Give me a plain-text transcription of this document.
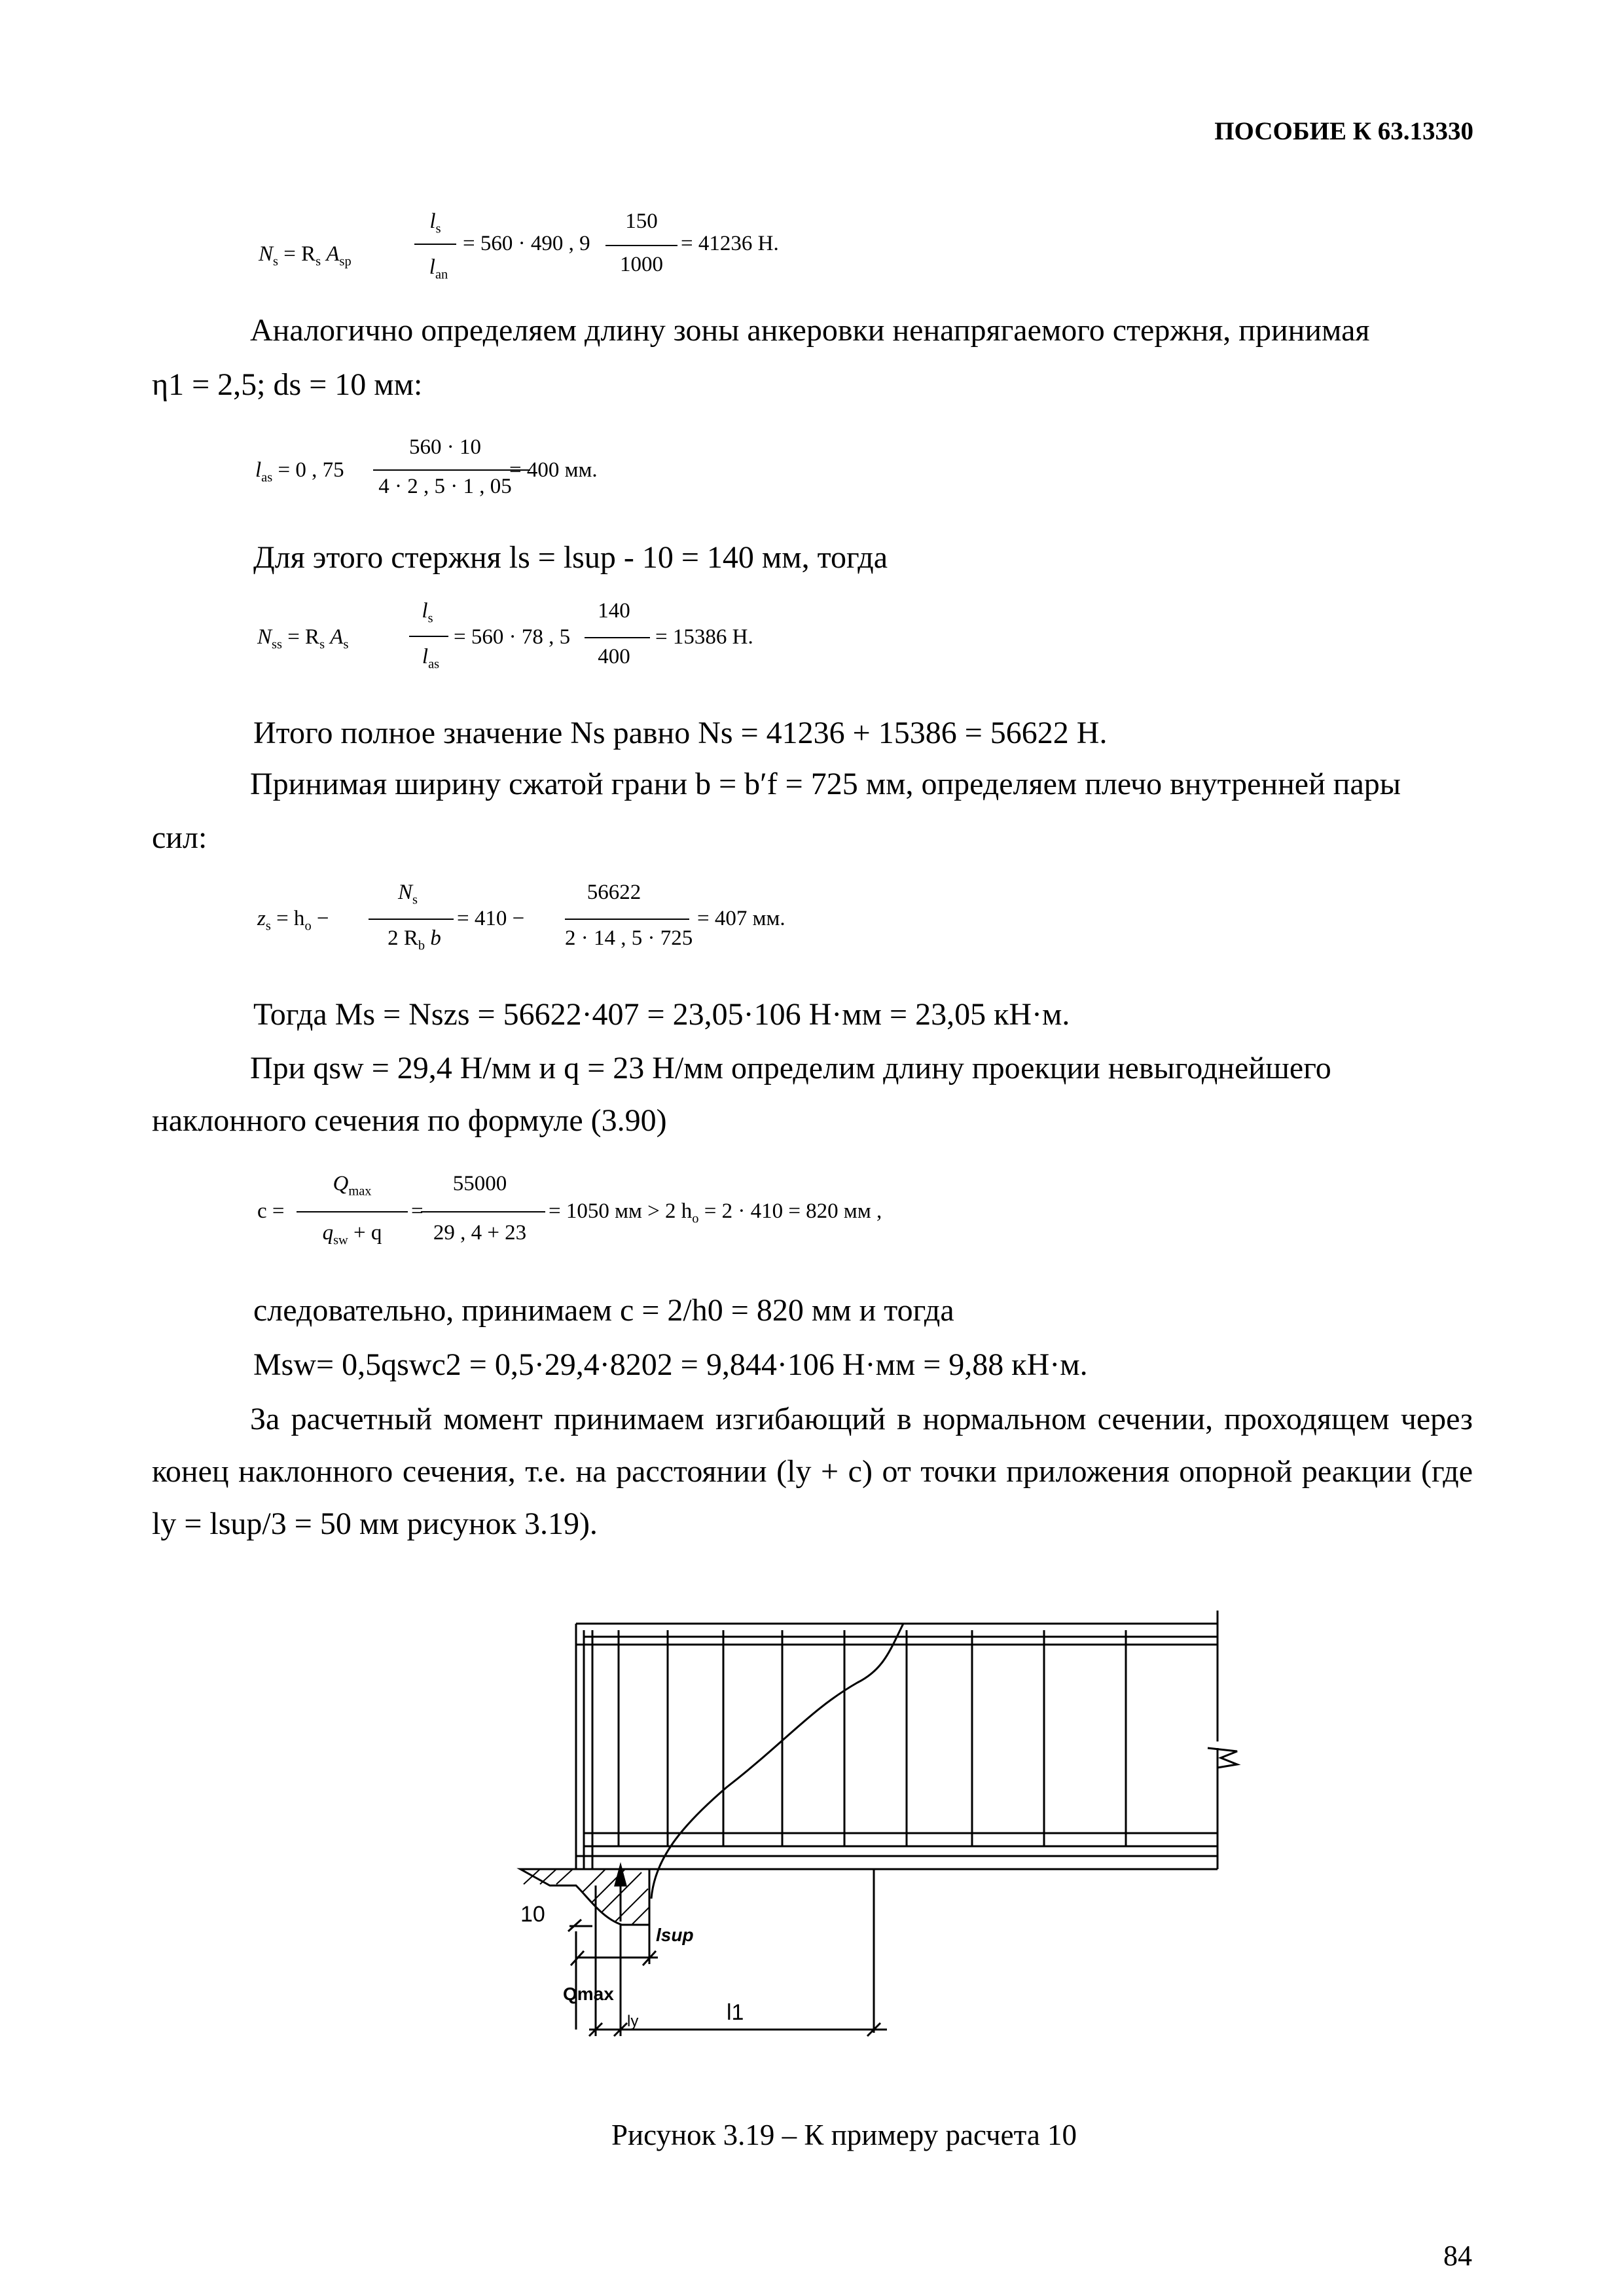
ПОСОБИЕ К 63.13330
$N_s = R_s$ $A_{sp}$
$l_s$
$l_{an}$
= 560 · 490 , 9
150
1000
= 41236 Н.
Аналогично определяем длину зоны анкеровки ненапрягаемого стержня, принимая
η1 = 2,5; ds = 10 мм:
$l_{as} = 0$ , 75
560 · 10
4 · 2 , 5 · 1 , 05
= 400 мм.
Для этого стержня ls = lsup - 10 = 140 мм, тогда
$N_{ss} = R_s$ $A_s$
$l_s$
$l_{as}$
= 560 · 78 , 5
140
400
= 15386 Н.
Итого полное значение Ns равно Ns = 41236 + 15386 = 56622 Н.
Принимая ширину сжатой грани b = b′f = 725 мм, определяем плечо внутренней пары
сил:
$z_s = h_o$ −
$N_s$
2 $R_b$ b
= 410 −
56622
2 · 14 , 5 · 725
= 407 мм.
Тогда Ms = Nszs = 56622·407 = 23,05·106 Н·мм = 23,05 кН·м.
При qsw = 29,4 Н/мм и q = 23 Н/мм определим длину проекции невыгоднейшего
наклонного сечения по формуле (3.90)
c =
$Q_{max}$
$q_{sw} + q$
=
55000
29 , 4 + 23
= 1050 мм > 2 $h_o = 2 \cdot 410 = 820$ мм ,
следовательно, принимаем c = 2/h0 = 820 мм и тогда
Msw= 0,5qswc2 = 0,5·29,4·8202 = 9,844·106 Н·мм = 9,88 кН·м.
За расчетный момент принимаем изгибающий в нормальном сечении, проходящем через конец наклонного сечения, т.е. на расстоянии (ly + c) от точки приложения опорной реакции (где ly = lsup/3 = 50 мм рисунок 3.19).
10
lsup
Qmax
ly	l1
Рисунок 3.19 – К примеру расчета 10
84
